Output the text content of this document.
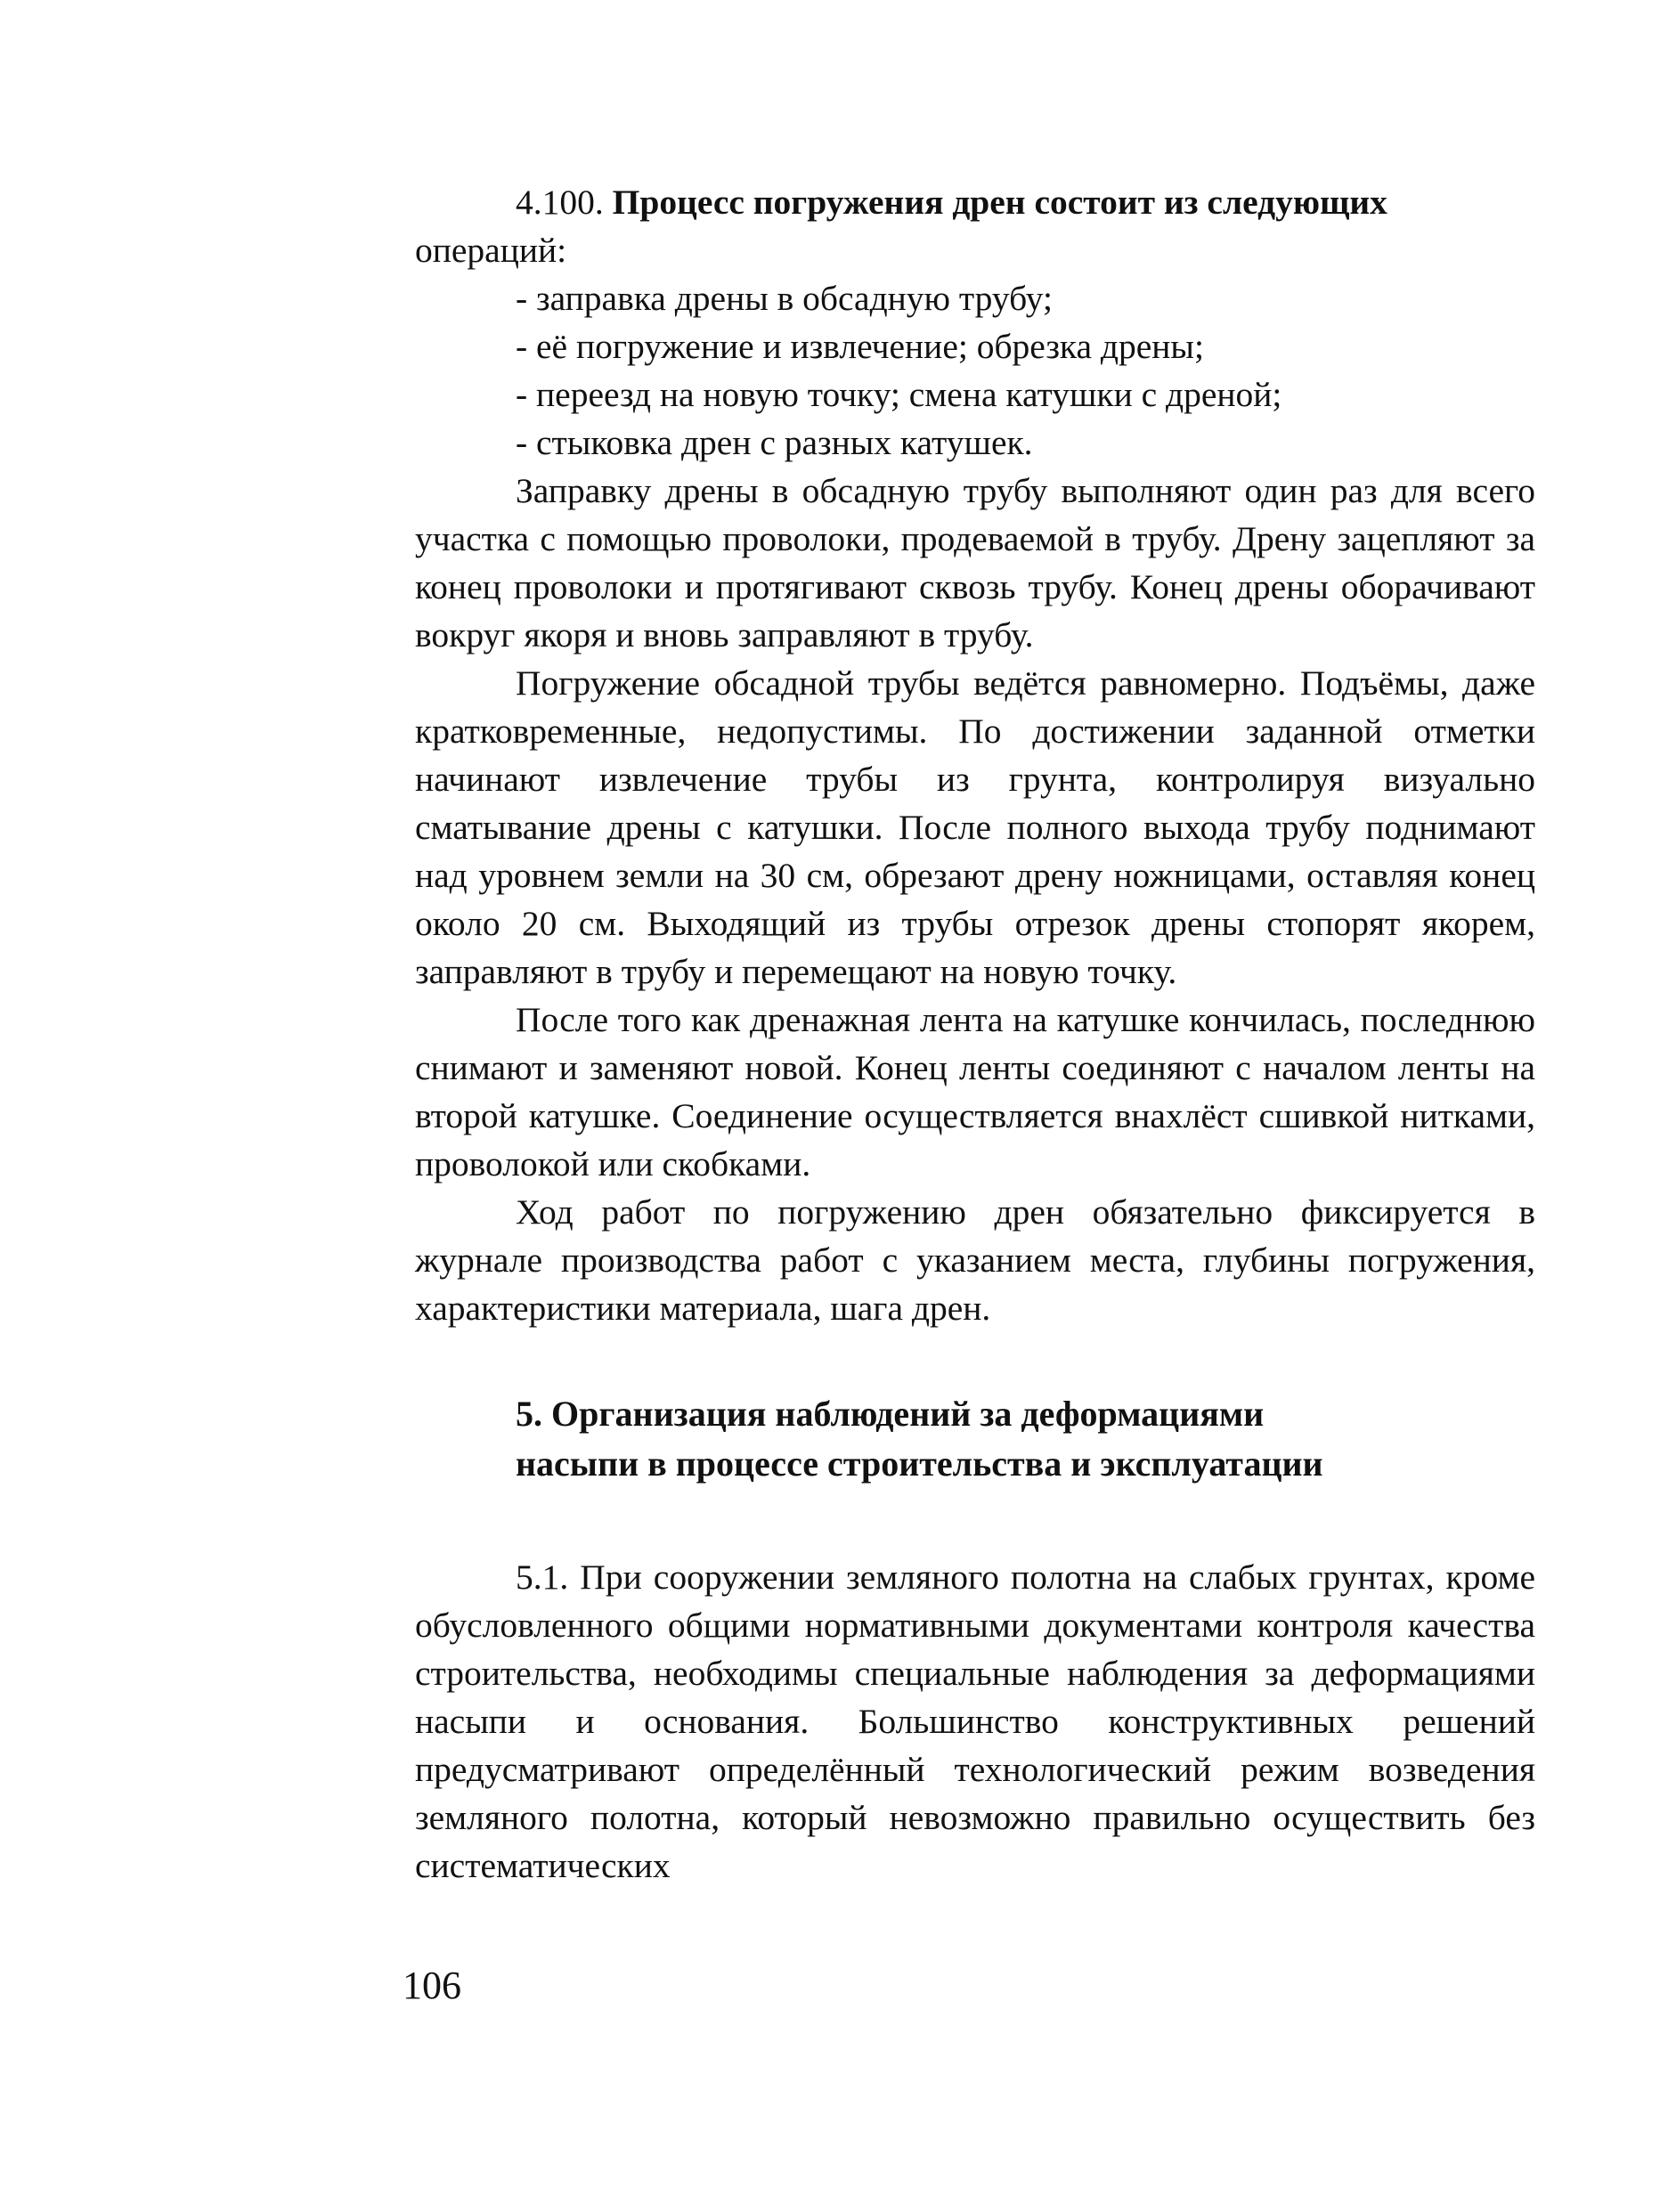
4.100. Процесс погружения дрен состоит из следующих
операций:

- заправка дрены в обсадную трубу;

- её погружение и извлечение; обрезка дрены;

- переезд на новую точку; смена катушки с дреной;

- стыковка дрен с разных катушек.

Заправку дрены в обсадную трубу выполняют один раз для всего участка с помощью проволоки, продеваемой в трубу. Дрену зацепляют за конец проволоки и протягивают сквозь трубу. Конец дрены оборачивают вокруг якоря и вновь заправляют в трубу.

Погружение обсадной трубы ведётся равномерно. Подъёмы, даже кратковременные, недопустимы. По достижении заданной отметки начинают извлечение трубы из грунта, контролируя визуально сматывание дрены с катушки. После полного выхода трубу поднимают над уровнем земли на 30 см, обрезают дрену ножницами, оставляя конец около 20 см. Выходящий из трубы отрезок дрены стопорят якорем, заправляют в трубу и перемещают на новую точку.

После того как дренажная лента на катушке кончилась, последнюю снимают и заменяют новой. Конец ленты соединяют с началом ленты на второй катушке. Соединение осуществляется внахлёст сшивкой нитками, проволокой или скобками.

Ход работ по погружению дрен обязательно фиксируется в журнале производства работ с указанием места, глубины погружения, характеристики материала, шага дрен.

5. Организация наблюдений за деформациями
насыпи в процессе строительства и эксплуатации

5.1. При сооружении земляного полотна на слабых грунтах, кроме обусловленного общими нормативными документами контроля качества строительства, необходимы специальные наблюдения за деформациями насыпи и основания. Большинство конструктивных решений предусматривают определённый технологический режим возведения земляного полотна, который невозможно правильно осуществить без систематических

106
